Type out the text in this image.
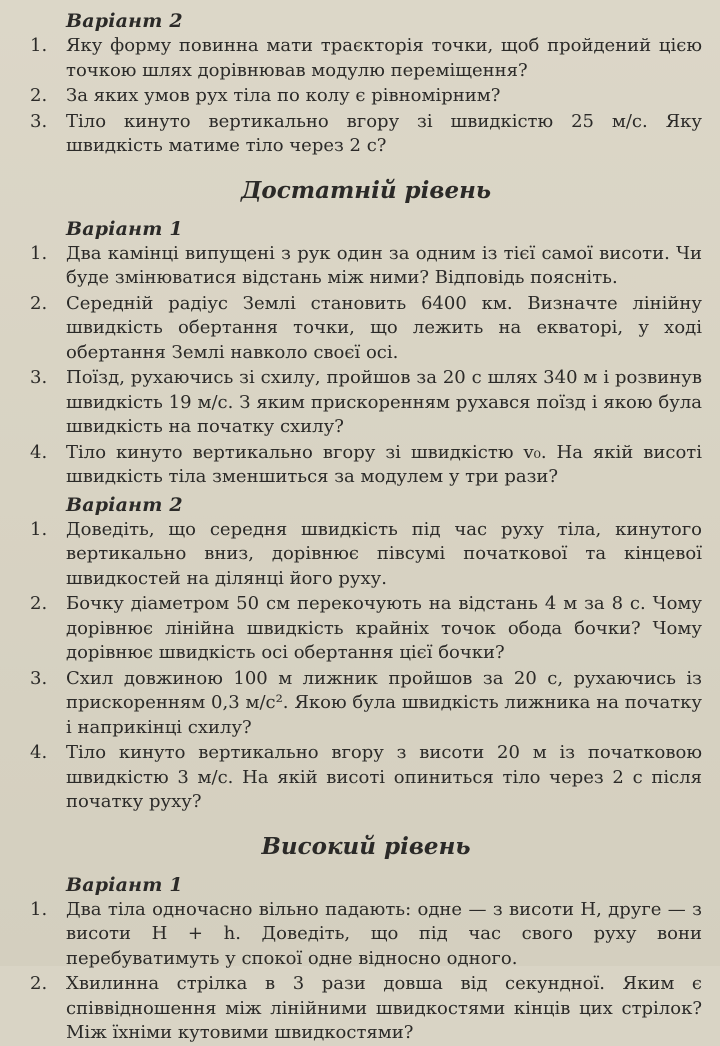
Варіант 2
1. Яку форму повинна мати траєкторія точки, щоб пройдений цією точкою шлях дорівнював модулю переміщення?
2. За яких умов рух тіла по колу є рівномірним?
3. Тіло кинуто вертикально вгору зі швидкістю 25 м/с. Яку швидкість матиме тіло через 2 с?
Достатній рівень
Варіант 1
1. Два камінці випущені з рук один за одним із тієї самої висоти. Чи буде змінюватися відстань між ними? Відповідь поясніть.
2. Середній радіус Землі становить 6400 км. Визначте лінійну швидкість обертання точки, що лежить на екваторі, у ході обертання Землі навколо своєї осі.
3. Поїзд, рухаючись зі схилу, пройшов за 20 с шлях 340 м і розвинув швидкість 19 м/с. З яким прискоренням рухався поїзд і якою була швидкість на початку схилу?
4. Тіло кинуто вертикально вгору зі швидкістю v₀. На якій висоті швидкість тіла зменшиться за модулем у три рази?
Варіант 2
1. Доведіть, що середня швидкість під час руху тіла, кинутого вертикально вниз, дорівнює півсумі початкової та кінцевої швидкостей на ділянці його руху.
2. Бочку діаметром 50 см перекочують на відстань 4 м за 8 с. Чому дорівнює лінійна швидкість крайніх точок обода бочки? Чому дорівнює швидкість осі обертання цієї бочки?
3. Схил довжиною 100 м лижник пройшов за 20 с, рухаючись із прискоренням 0,3 м/с². Якою була швидкість лижника на початку і наприкінці схилу?
4. Тіло кинуто вертикально вгору з висоти 20 м із початковою швидкістю 3 м/с. На якій висоті опиниться тіло через 2 с після початку руху?
Високий рівень
Варіант 1
1. Два тіла одночасно вільно падають: одне — з висоти H, друге — з висоти H + h. Доведіть, що під час свого руху вони перебуватимуть у спокої одне відносно одного.
2. Хвилинна стрілка в 3 рази довша від секундної. Яким є співвідношення між лінійними швидкостями кінців цих стрілок? Між їхніми кутовими швидкостями?
